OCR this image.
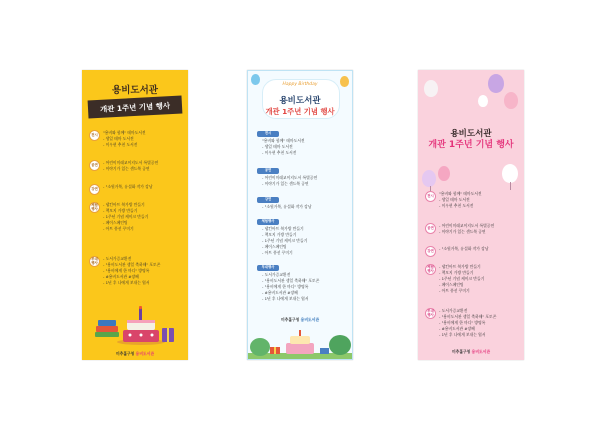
용비도서관
개관 1주년 기념 행사
전시	"용비와 함께" 테마도서전
- 생일 테마 도서전
- 이우현 추천 도서전
공연	- 어린이미래교이지도서 특별공연
- 이야기가 있는 샌드북 공연
강연	- "소원거북, 유설화 작가 강남
체험 행사
- 냅킨아트 북가방 만들기
- 책모지 가방 만들기
- 1주년 기념 케이크 만들기
- 페이스페인팅
- 아트 풍선 꾸미기
부대 행사
- 도서가증교환전
- "용비도서관 생일 축하해" 포토존
- "용비에게 한 마디" 방명록
- #용비도서관 #장혜
- 1년 후 나에게 보내는 엽서
미추홀구청 용비도서관
Happy Birthday
용비도서관
개관 1주년 기념 행사
전시
"용비와 함께" 테마도서전
- 생일 테마 도서전
- 이우현 추천 도서전
공연
- 어린이미래교이지도서 특별공연
- 이야기가 있는 샌드북 공연
강연
- "소원거북, 유설화 작가 강남
체험행사
- 냅킨아트 북가방 만들기
- 책모지 가방 만들기
- 1주년 기념 케이크 만들기
- 페이스페인팅
- 아트 풍선 꾸미기
부대행사
- 도서가증교환전
- "용비도서관 생일 축하해" 포토존
- "용비에게 한 마디" 방명록
- #용비도서관 #장혜
- 1년 후 나에게 보내는 엽서
미추홀구청 용비도서관
용비도서관
개관 1주년 기념 행사
전시	"용비와 함께" 테마도서전
- 생일 테마 도서전
- 이우현 추천 도서전
공연	- 어린이미래교이지도서 특별공연
- 이야기가 있는 샌드북 공연
강연	- "소원거북, 유설화 작가 강남
체험 행사
- 냅킨아트 북가방 만들기
- 책모지 가방 만들기
- 1주년 기념 케이크 만들기
- 페이스페인팅
- 아트 풍선 꾸미기
부대 행사
- 도서가증교환전
- "용비도서관 생일 축하해" 포토존
- "용비에게 한 마디" 방명록
- #용비도서관 #장혜
- 1년 후 나에게 보내는 엽서
미추홀구청 용비도서관
